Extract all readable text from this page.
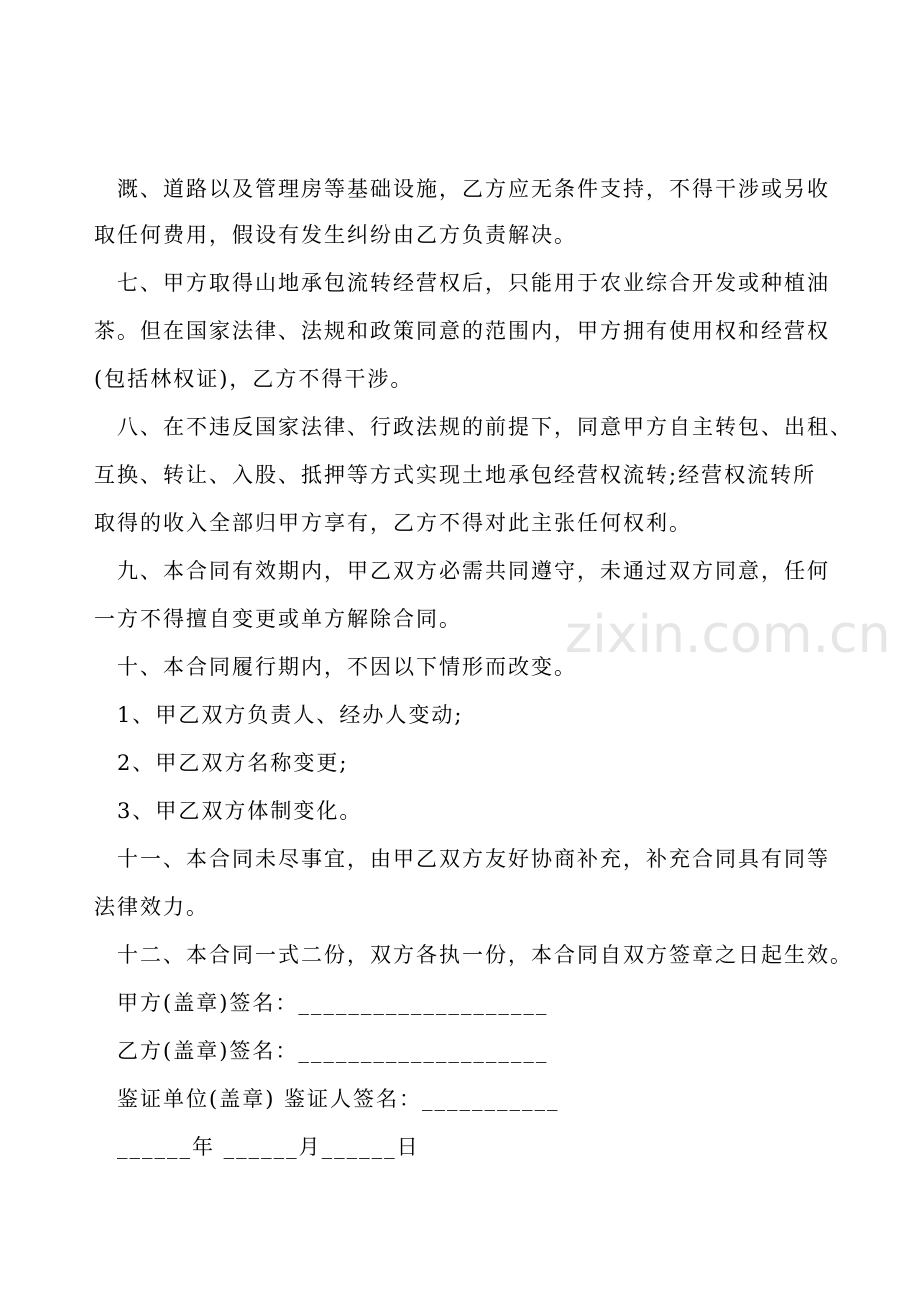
zixin.com.cn
溉、道路以及管理房等基础设施，乙方应无条件支持，不得干涉或另收
取任何费用，假设有发生纠纷由乙方负责解决。
七、甲方取得山地承包流转经营权后，只能用于农业综合开发或种植油
茶。但在国家法律、法规和政策同意的范围内，甲方拥有使用权和经营权
(包括林权证)，乙方不得干涉。
八、在不违反国家法律、行政法规的前提下，同意甲方自主转包、出租、
互换、转让、入股、抵押等方式实现土地承包经营权流转;经营权流转所
取得的收入全部归甲方享有，乙方不得对此主张任何权利。
九、本合同有效期内，甲乙双方必需共同遵守，未通过双方同意，任何
一方不得擅自变更或单方解除合同。
十、本合同履行期内，不因以下情形而改变。
1、甲乙双方负责人、经办人变动;
2、甲乙双方名称变更;
3、甲乙双方体制变化。
十一、本合同未尽事宜，由甲乙双方友好协商补充，补充合同具有同等
法律效力。
十二、本合同一式二份，双方各执一份，本合同自双方签章之日起生效。
甲方(盖章)签名：____________________
乙方(盖章)签名：____________________
鉴证单位(盖章) 鉴证人签名：___________
______年 ______月______日
